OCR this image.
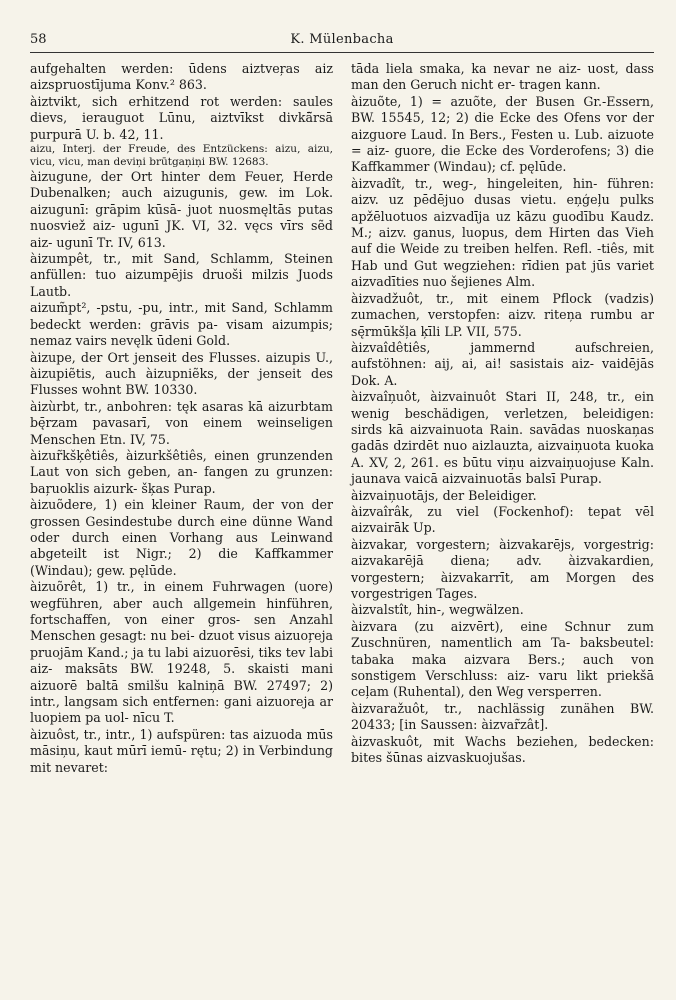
58	K. Mülenbacha

aufgehalten werden: ūdens aiztveŗas aiz aizspruostījuma Konv.² 863.

àiztvikt, sich erhitzend rot werden: saules dievs, ierauguot Lūnu, aiztvīkst divkā̃rsā purpurā U. b. 42, 11.

aizu, Interj. der Freude, des Entzückens: aizu, aizu, vicu, vicu, man deviņi brūtgaņiņi BW. 12683.

àizugune, der Ort hinter dem Feuer, Herde Dubenalken; auch aizugunis, gew. im Lok. aizugunī: grāpim kūsā- juot nuosmęltās putas nuosviež aiz- ugunī JK. VI, 32. vęcs vīrs sẽd aiz- ugunī Tr. IV, 613.

àizumpêt, tr., mit Sand, Schlamm, Steinen anfüllen: tuo aizumpējis druoši milzis Juods Lautb.

aizum̃pt², -pstu, -pu, intr., mit Sand, Schlamm bedeckt werden: grāvis pa- visam aizumpis; nemaz vairs nevęlk ūdeni Gold.

àizupe, der Ort jenseit des Flusses. aizupis U., àizupiẽtis, auch àizupniẽks, der jenseit des Flusses wohnt BW. 10330.

àizùrbt, tr., anbohren: tęk asaras kā aizurbtam bę̄rzam pavasarī, von einem weinseligen Menschen Etn. IV, 75.

àizur̃kšķêtiês, àizurkšêtiês, einen grunzenden Laut von sich geben, an- fangen zu grunzen: baŗuoklis aizurk- šķas Purap.

àizuõdere, 1) ein kleiner Raum, der von der grossen Gesindestube durch eine dünne Wand oder durch einen Vorhang aus Leinwand abgeteilt ist Nigr.; 2) die Kaffkammer (Windau); gew. pęlūde.

àizuõrêt, 1) tr., in einem Fuhrwagen (uore) wegführen, aber auch allgemein hinführen, fortschaffen, von einer gros- sen Anzahl Menschen gesagt: nu bei- dzuot visus aizuoŗeja pruojām Kand.; ja tu labi aizuorēsi, tiks tev labi aiz- maksāts BW. 19248, 5. skaisti mani aizuorē baltā smilšu kalniņā BW. 27497; 2) intr., langsam sich entfernen: gani aizuoreja ar luopiem pa uol- nīcu T.

àizuôst, tr., intr., 1) aufspüren: tas aizuoda mūs māsiņu, kaut mūrī iemū- rętu; 2) in Verbindung mit nevaret:

tāda liela smaka, ka nevar ne aiz- uost, dass man den Geruch nicht er- tragen kann.

àizuõte, 1) = azuõte, der Busen Gr.-Essern, BW. 15545, 12; 2) die Ecke des Ofens vor der aizguore Laud. In Bers., Festen u. Lub. aizuote = aiz- guore, die Ecke des Vorderofens; 3) die Kaffkammer (Windau); cf. pęlūde.

àizvadît, tr., weg-, hingeleiten, hin- führen: aizv. uz pēdējuo dusas vietu. eņģeļu pulks apžēluotuos aizvadīja uz kāzu guodību Kaudz. M.; aizv. ganus, luopus, dem Hirten das Vieh auf die Weide zu treiben helfen. Refl. -tiês, mit Hab und Gut wegziehen: rīdien pat jūs variet aizvadīties nuo šejienes Alm.

àizvadžuôt, tr., mit einem Pflock (vadzis) zumachen, verstopfen: aizv. riteņa rumbu ar sę̄rmūkšļa ķīli LP. VII, 575.

àizvaîdêtiês, jammernd aufschreien, aufstöhnen: aij, ai, ai! sasistais aiz- vaidējās Dok. A.

àizvaîņuôt, àizvainuôt Stari II, 248, tr., ein wenig beschädigen, verletzen, beleidigen: sirds kā aizvainuota Rain. savādas nuoskaņas gadās dzirdēt nuo aizlauzta, aizvaiņuota kuoka A. XV, 2, 261. es būtu viņu aizvaiņuojuse Kaln. jaunava vaicā aizvainuotās balsī Purap.

àizvaiņuotājs, der Beleidiger.

àizvaîrâk, zu viel (Fockenhof): tepat vēl aizvairāk Up.

àizvakar, vorgestern; àizvakarējs, vorgestrig: aizvakarējā diena; adv. àizvakardien, vorgestern; àizvakarrīt, am Morgen des vorgestrigen Tages.

àizvalstît, hin-, wegwälzen.

àizvara (zu aizvērt), eine Schnur zum Zuschnüren, namentlich am Ta- baksbeutel: tabaka maka aizvara Bers.; auch von sonstigem Verschluss: aiz- varu likt priekšā ceļam (Ruhental), den Weg versperren.

àizvaražuôt, tr., nachlässig zunähen BW. 20433; [in Saussen: àizvar̃zât].

àizvaskuôt, mit Wachs beziehen, bedecken: bites šūnas aizvaskuojušas.
